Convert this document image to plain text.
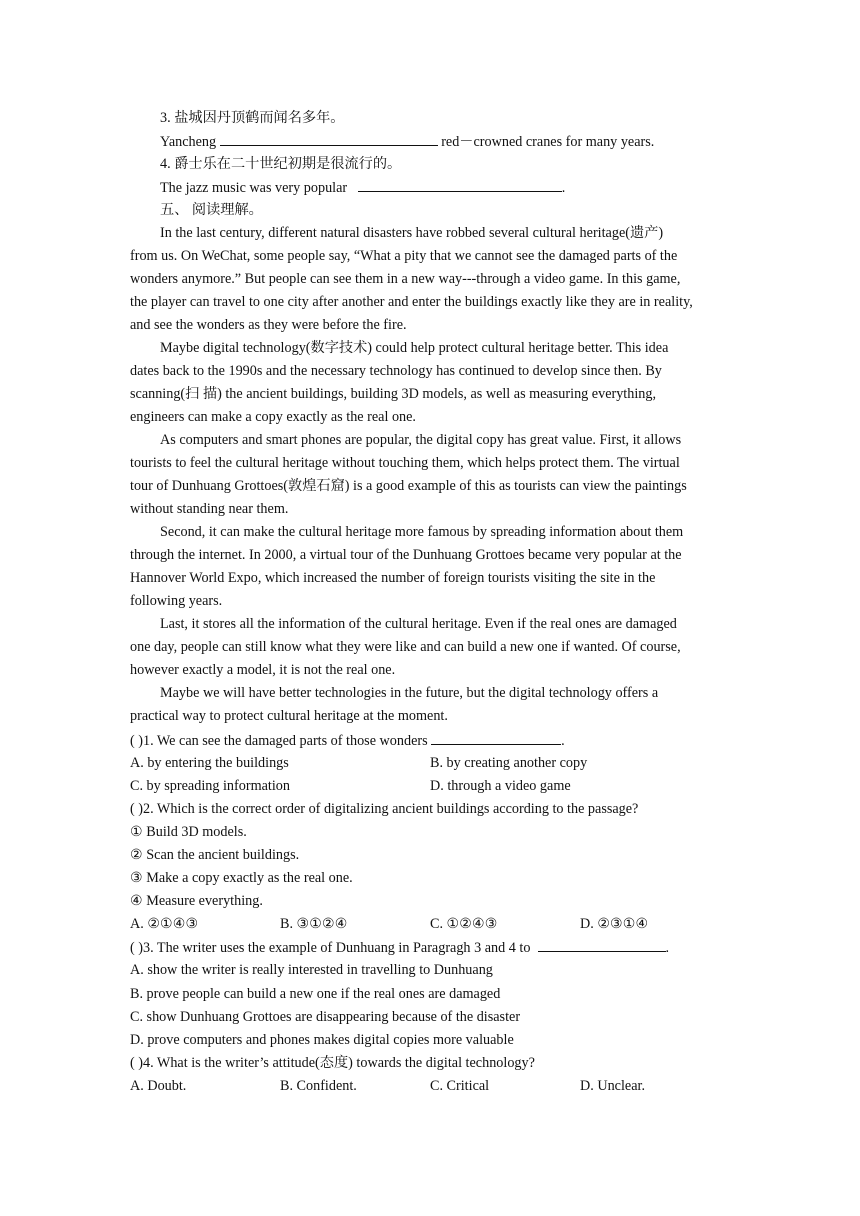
3. 盐城因丹顶鹤而闻名多年。
Yancheng	red－crowned cranes for many years.
4. 爵士乐在二十世纪初期是很流行的。
The jazz music was very popular	.
五、 阅读理解。
In the last century, different natural disasters have robbed several cultural heritage(遗产)
from us. On WeChat, some people say, “What a pity that we cannot see the damaged parts of the
wonders anymore.” But people can see them in a new way---through a video game. In this game,
the player can travel to one city after another and enter the buildings exactly like they are in reality,
and see the wonders as they were before the fire.
Maybe digital technology(数字技术) could help protect cultural heritage better. This idea
dates back to the 1990s and the necessary technology has continued to develop since then. By
scanning(扫 描) the ancient buildings, building 3D models, as well as measuring everything,
engineers can make a copy exactly as the real one.
As computers and smart phones are popular, the digital copy has great value. First, it allows
tourists to feel the cultural heritage without touching them, which helps protect them. The virtual
tour of Dunhuang Grottoes(敦煌石窟) is a good example of this as tourists can view the paintings
without standing near them.
Second, it can make the cultural heritage more famous by spreading information about them
through the internet. In 2000, a virtual tour of the Dunhuang Grottoes became very popular at the
Hannover World Expo, which increased the number of foreign tourists visiting the site in the
following years.
Last, it stores all the information of the cultural heritage. Even if the real ones are damaged
one day, people can still know what they were like and can build a new one if wanted. Of course,
however exactly a model, it is not the real one.
Maybe we will have better technologies in the future, but the digital technology offers a
practical way to protect cultural heritage at the moment.
( )1. We can see the damaged parts of those wonders	.
A. by entering the buildings	B. by creating another copy
C. by spreading information	D. through a video game
( )2. Which is the correct order of digitalizing ancient buildings according to the passage?
① Build 3D models.
② Scan the ancient buildings.
③ Make a copy exactly as the real one.
④ Measure everything.
A. ②①④③	B. ③①②④	C. ①②④③	D. ②③①④
( )3. The writer uses the example of Dunhuang in Paragragh 3 and 4 to	.
A. show the writer is really interested in travelling to Dunhuang
B. prove people can build a new one if the real ones are damaged
C. show Dunhuang Grottoes are disappearing because of the disaster
D. prove computers and phones makes digital copies more valuable
( )4. What is the writer’s attitude(态度) towards the digital technology?
A. Doubt.	B. Confident.	C. Critical	D. Unclear.
